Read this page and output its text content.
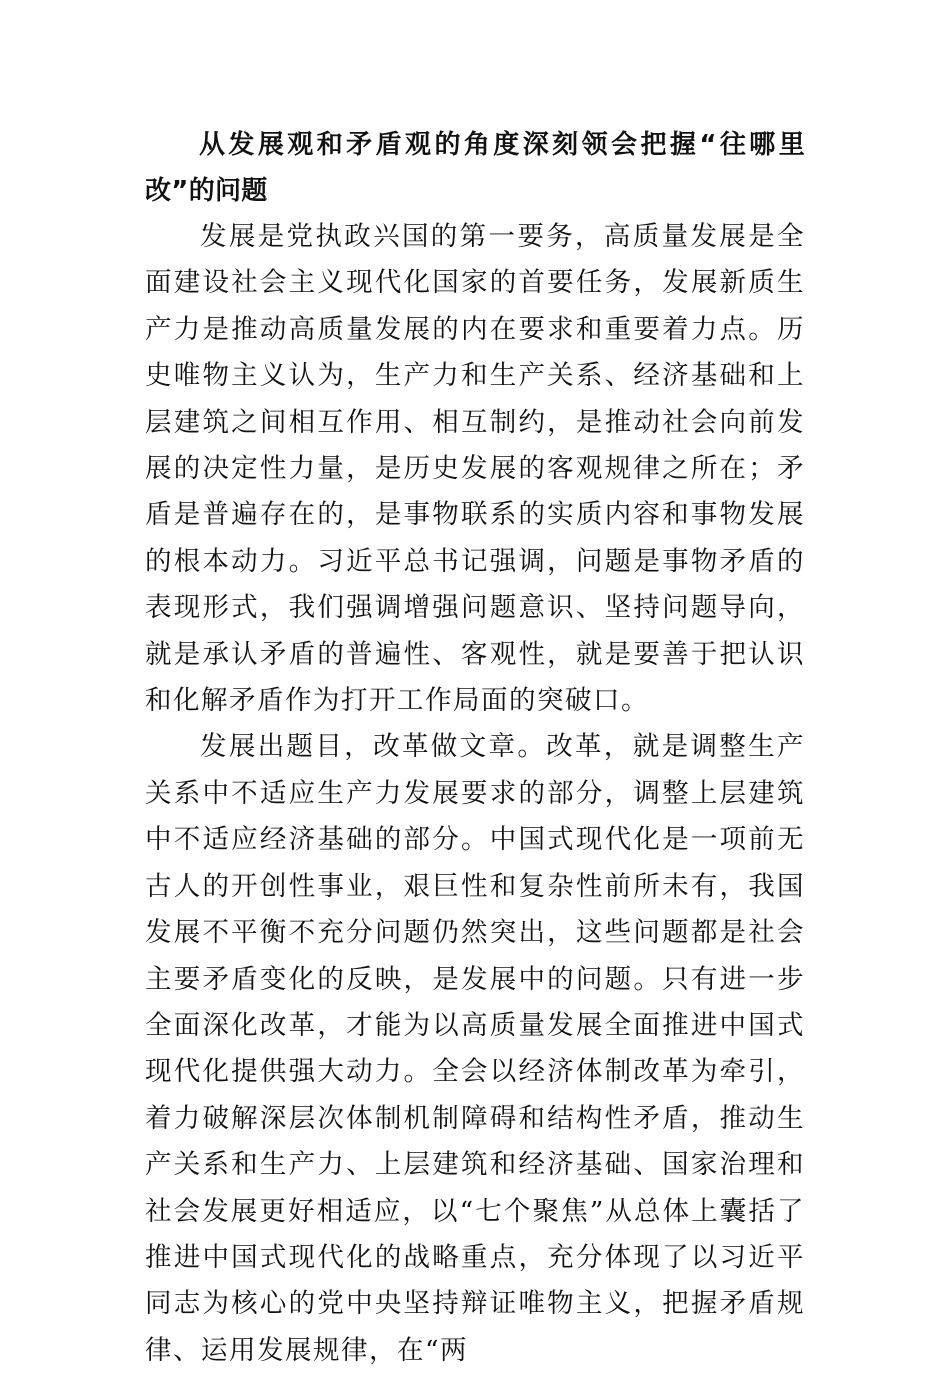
从发展观和矛盾观的角度深刻领会把握“往哪里改”的问题

发展是党执政兴国的第一要务，高质量发展是全面建设社会主义现代化国家的首要任务，发展新质生产力是推动高质量发展的内在要求和重要着力点。历史唯物主义认为，生产力和生产关系、经济基础和上层建筑之间相互作用、相互制约，是推动社会向前发展的决定性力量，是历史发展的客观规律之所在；矛盾是普遍存在的，是事物联系的实质内容和事物发展的根本动力。习近平总书记强调，问题是事物矛盾的表现形式，我们强调增强问题意识、坚持问题导向，就是承认矛盾的普遍性、客观性，就是要善于把认识和化解矛盾作为打开工作局面的突破口。

发展出题目，改革做文章。改革，就是调整生产关系中不适应生产力发展要求的部分，调整上层建筑中不适应经济基础的部分。中国式现代化是一项前无古人的开创性事业，艰巨性和复杂性前所未有，我国发展不平衡不充分问题仍然突出，这些问题都是社会主要矛盾变化的反映，是发展中的问题。只有进一步全面深化改革，才能为以高质量发展全面推进中国式现代化提供强大动力。全会以经济体制改革为牵引，着力破解深层次体制机制障碍和结构性矛盾，推动生产关系和生产力、上层建筑和经济基础、国家治理和社会发展更好相适应，以“七个聚焦”从总体上囊括了推进中国式现代化的战略重点，充分体现了以习近平同志为核心的党中央坚持辩证唯物主义，把握矛盾规律、运用发展规律，在“两
